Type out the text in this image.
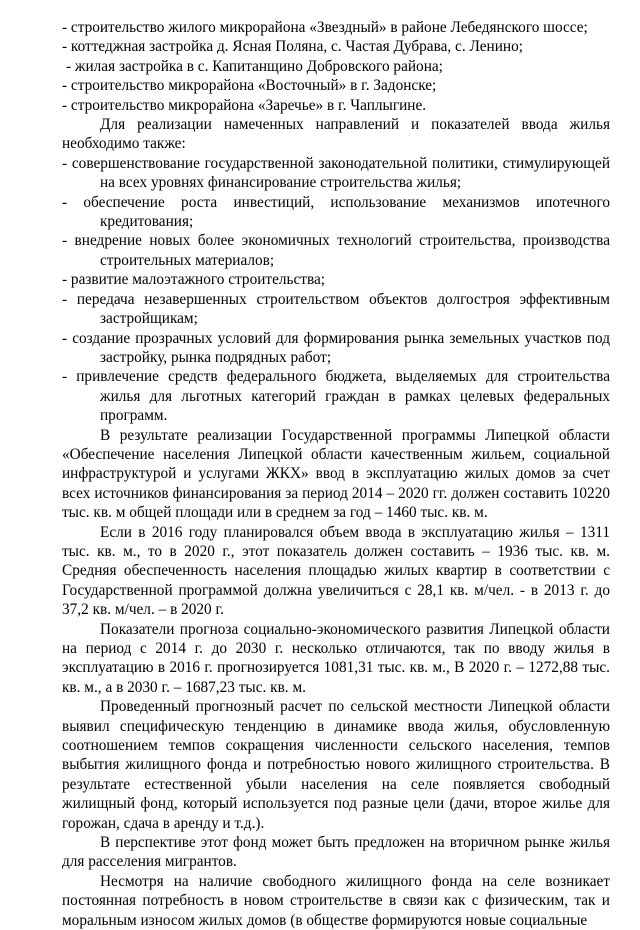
- строительство жилого микрорайона «Звездный» в районе Лебедянского шоссе;

- коттеджная застройка д. Ясная Поляна, с. Частая Дубрава, с. Ленино;

- жилая застройка в с. Капитанщино Добровского района;

- строительство микрорайона «Восточный» в г. Задонске;

- строительство микрорайона «Заречье» в г. Чаплыгине.

Для реализации намеченных направлений и показателей ввода жилья необходимо также:

- совершенствование государственной законодательной политики, стимулирующей на всех уровнях финансирование строительства жилья;

- обеспечение роста инвестиций, использование механизмов ипотечного кредитования;

- внедрение новых более экономичных технологий строительства, производства строительных материалов;

- развитие малоэтажного строительства;

- передача незавершенных строительством объектов долгостроя эффективным застройщикам;

- создание прозрачных условий для формирования рынка земельных участков под застройку, рынка подрядных работ;

- привлечение средств федерального бюджета, выделяемых для строительства жилья для льготных категорий граждан в рамках целевых федеральных программ.

В результате реализации Государственной программы Липецкой области «Обеспечение населения Липецкой области качественным жильем, социальной инфраструктурой и услугами ЖКХ» ввод в эксплуатацию жилых домов за счет всех источников финансирования за период 2014 – 2020 гг. должен составить 10220 тыс. кв. м общей площади или в среднем за год – 1460 тыс. кв. м.

Если в 2016 году планировался объем ввода в эксплуатацию жилья – 1311 тыс. кв. м., то в 2020 г., этот показатель должен составить – 1936 тыс. кв. м. Средняя обеспеченность населения площадью жилых квартир в соответствии с Государственной программой должна увеличиться с 28,1 кв. м/чел. - в 2013 г. до 37,2 кв. м/чел. – в 2020 г.

Показатели прогноза социально-экономического развития Липецкой области на период с 2014 г. до 2030 г. несколько отличаются, так по вводу жилья в эксплуатацию в 2016 г. прогнозируется 1081,31 тыс. кв. м., В 2020 г. – 1272,88 тыс. кв. м., а в 2030 г. – 1687,23 тыс. кв. м.

Проведенный прогнозный расчет по сельской местности Липецкой области выявил специфическую тенденцию в динамике ввода жилья, обусловленную соотношением темпов сокращения численности сельского населения, темпов выбытия жилищного фонда и потребностью нового жилищного строительства. В результате естественной убыли населения на селе появляется свободный жилищный фонд, который используется под разные цели (дачи, второе жилье для горожан, сдача в аренду и т.д.).

В перспективе этот фонд может быть предложен на вторичном рынке жилья для расселения мигрантов.

Несмотря на наличие свободного жилищного фонда на селе возникает постоянная потребность в новом строительстве в связи как с физическим, так и моральным износом жилых домов (в обществе формируются новые социальные
